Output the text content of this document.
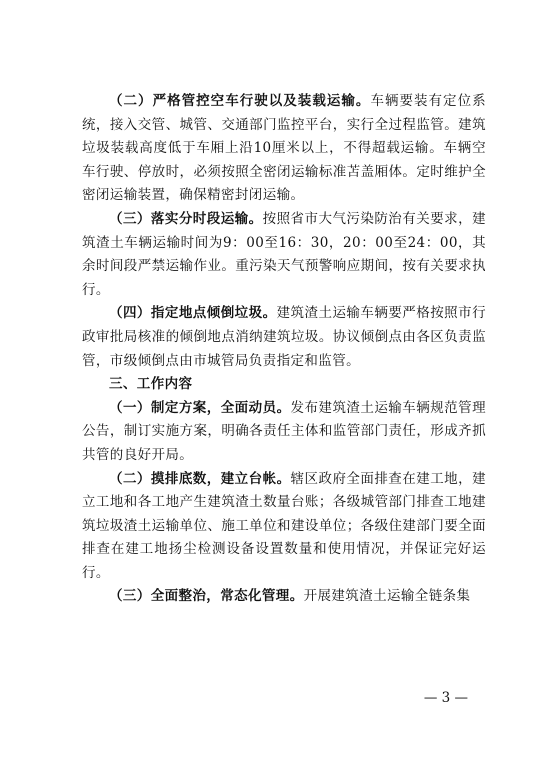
（二）严格管控空车行驶以及装载运输。车辆要装有定位系统，接入交管、城管、交通部门监控平台，实行全过程监管。建筑垃圾装载高度低于车厢上沿10厘米以上，不得超载运输。车辆空车行驶、停放时，必须按照全密闭运输标准苫盖厢体。定时维护全密闭运输装置，确保精密封闭运输。

（三）落实分时段运输。按照省市大气污染防治有关要求，建筑渣土车辆运输时间为9：00至16：30，20：00至24：00，其余时间段严禁运输作业。重污染天气预警响应期间，按有关要求执行。

（四）指定地点倾倒垃圾。建筑渣土运输车辆要严格按照市行政审批局核准的倾倒地点消纳建筑垃圾。协议倾倒点由各区负责监管，市级倾倒点由市城管局负责指定和监管。

三、工作内容

（一）制定方案，全面动员。发布建筑渣土运输车辆规范管理公告，制订实施方案，明确各责任主体和监管部门责任，形成齐抓共管的良好开局。

（二）摸排底数，建立台帐。辖区政府全面排查在建工地，建立工地和各工地产生建筑渣土数量台账；各级城管部门排查工地建筑垃圾渣土运输单位、施工单位和建设单位；各级住建部门要全面排查在建工地扬尘检测设备设置数量和使用情况，并保证完好运行。

（三）全面整治，常态化管理。开展建筑渣土运输全链条集

— 3 —
